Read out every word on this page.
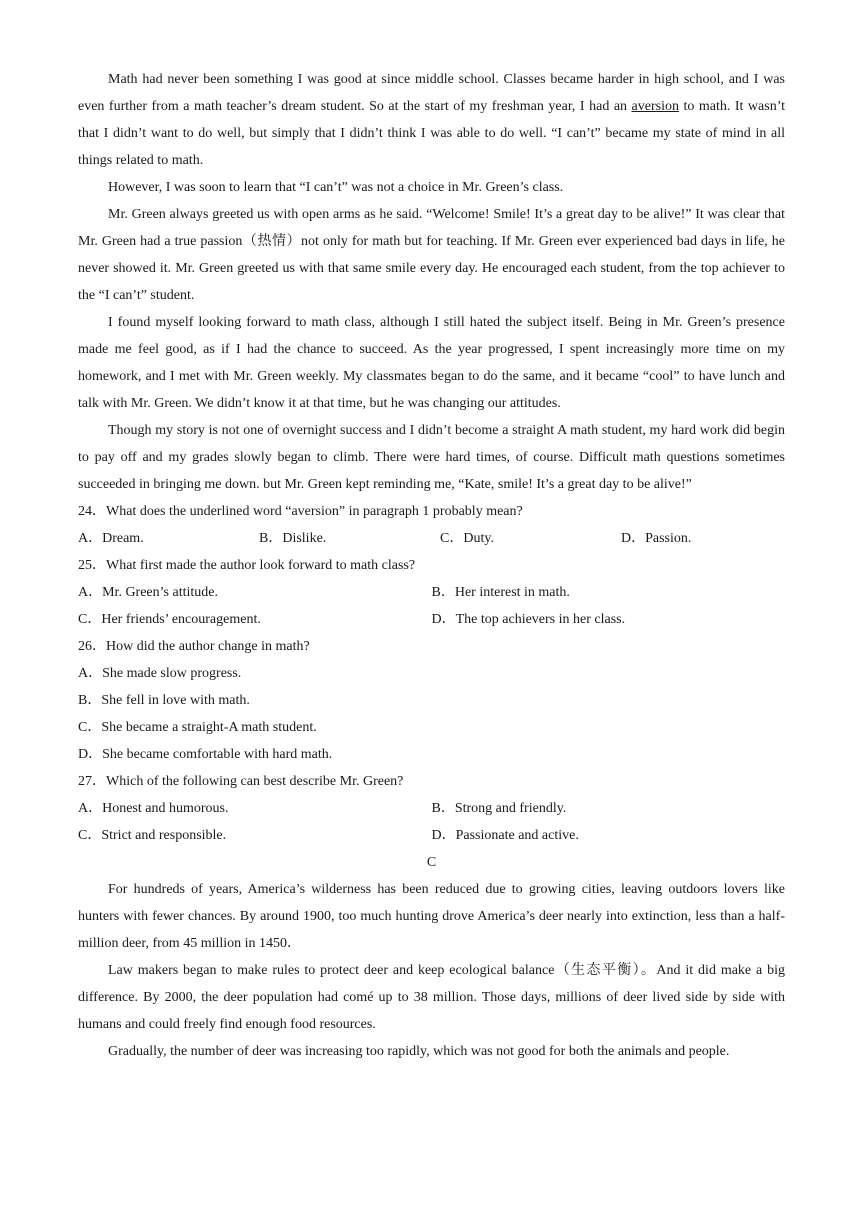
Math had never been something I was good at since middle school. Classes became harder in high school, and I was even further from a math teacher’s dream student. So at the start of my freshman year, I had an aversion to math. It wasn’t that I didn’t want to do well, but simply that I didn’t think I was able to do well. “I can’t” became my state of mind in all things related to math.

However, I was soon to learn that “I can’t” was not a choice in Mr. Green’s class.

Mr. Green always greeted us with open arms as he said. “Welcome! Smile! It’s a great day to be alive!” It was clear that Mr. Green had a true passion（热情）not only for math but for teaching. If Mr. Green ever experienced bad days in life, he never showed it. Mr. Green greeted us with that same smile every day. He encouraged each student, from the top achiever to the “I can’t” student.

I found myself looking forward to math class, although I still hated the subject itself. Being in Mr. Green’s presence made me feel good, as if I had the chance to succeed. As the year progressed, I spent increasingly more time on my homework, and I met with Mr. Green weekly. My classmates began to do the same, and it became “cool” to have lunch and talk with Mr. Green. We didn’t know it at that time, but he was changing our attitudes.

Though my story is not one of overnight success and I didn’t become a straight A math student, my hard work did begin to pay off and my grades slowly began to climb. There were hard times, of course. Difficult math questions sometimes succeeded in bringing me down. but Mr. Green kept reminding me, “Kate, smile! It’s a great day to be alive!”

24．What does the underlined word “aversion” in paragraph 1 probably mean?

A．Dream.	B．Dislike.	C．Duty.	D．Passion.

25．What first made the author look forward to math class?

A．Mr. Green’s attitude.	B．Her interest in math.
C．Her friends’ encouragement.	D．The top achievers in her class.

26．How did the author change in math?

A．She made slow progress.

B．She fell in love with math.

C．She became a straight-A math student.

D．She became comfortable with hard math.

27．Which of the following can best describe Mr. Green?

A．Honest and humorous.	B．Strong and friendly.
C．Strict and responsible.	D．Passionate and active.

C

For hundreds of years, America’s wilderness has been reduced due to growing cities, leaving outdoors lovers like hunters with fewer chances. By around 1900, too much hunting drove America’s deer nearly into extinction, less than a half-million deer, from 45 million in 1450．

Law makers began to make rules to protect deer and keep ecological balance（生态平衡）。And it did make a big difference. By 2000, the deer population had comé up to 38 million. Those days, millions of deer lived side by side with humans and could freely find enough food resources.

Gradually, the number of deer was increasing too rapidly, which was not good for both the animals and people.
